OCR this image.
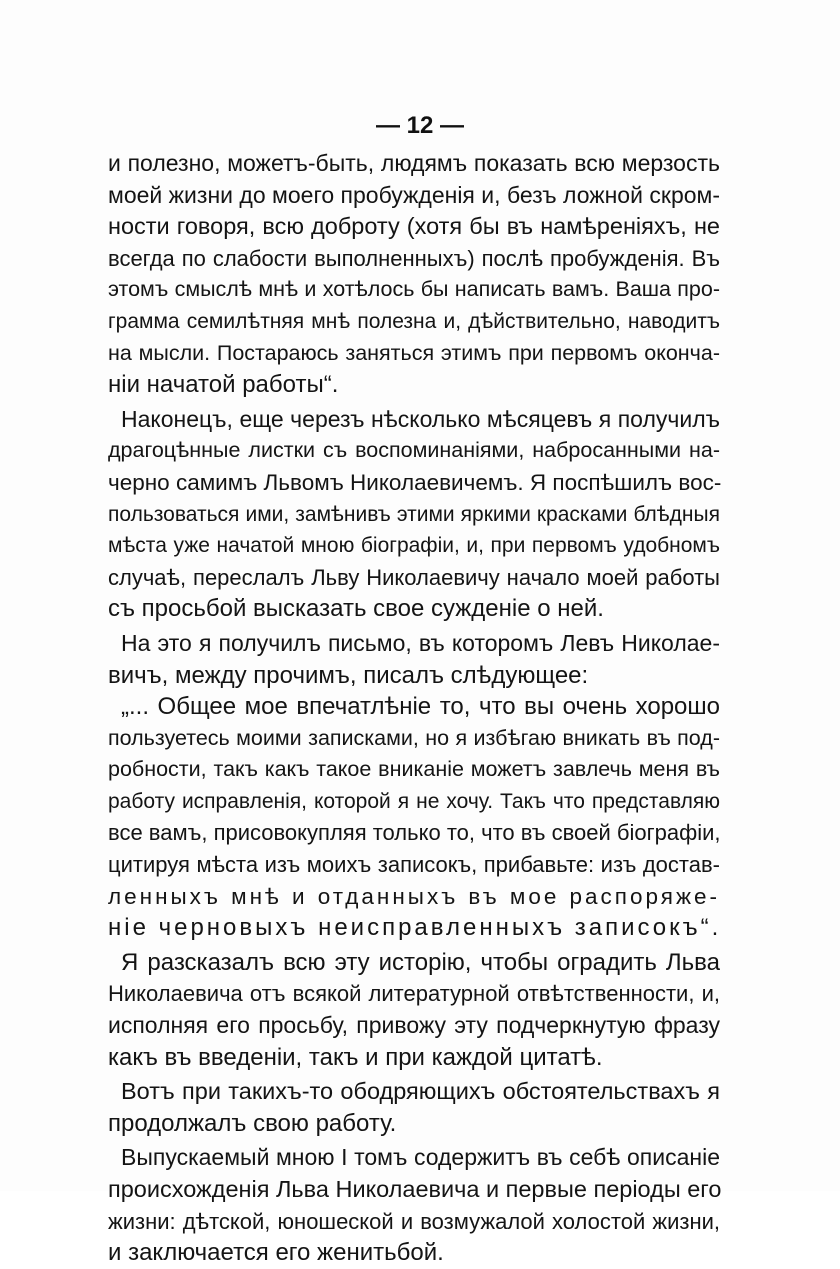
— 12 —
и полезно, можетъ-быть, людямъ показать всю мерзость
моей жизни до моего пробужденія и, безъ ложной скром-
ности говоря, всю доброту (хотя бы въ намѣреніяхъ, не
всегда по слабости выполненныхъ) послѣ пробужденія. Въ
этомъ смыслѣ мнѣ и хотѣлось бы написать вамъ. Ваша про-
грамма семилѣтняя мнѣ полезна и, дѣйствительно, наводитъ
на мысли. Постараюсь заняться этимъ при первомъ оконча-
ніи начатой работы“.
Наконецъ, еще черезъ нѣсколько мѣсяцевъ я получилъ
драгоцѣнные листки съ воспоминаніями, набросанными на-
черно самимъ Львомъ Николаевичемъ. Я поспѣшилъ вос-
пользоваться ими, замѣнивъ этими яркими красками блѣдныя
мѣста уже начатой мною біографіи, и, при первомъ удобномъ
случаѣ, переслалъ Льву Николаевичу начало моей работы
съ просьбой высказать свое сужденіе о ней.
На это я получилъ письмо, въ которомъ Левъ Николае-
вичъ, между прочимъ, писалъ слѣдующее:
„... Общее мое впечатлѣніе то, что вы очень хорошо
пользуетесь моими записками, но я избѣгаю вникать въ под-
робности, такъ какъ такое вниканіе можетъ завлечь меня въ
работу исправленія, которой я не хочу. Такъ что представляю
все вамъ, присовокупляя только то, что въ своей біографіи,
цитируя мѣста изъ моихъ записокъ, прибавьте: изъ достав-
ленныхъ мнѣ и отданныхъ въ мое распоряже-
ніе черновыхъ неисправленныхъ записокъ“.
Я разсказалъ всю эту исторію, чтобы оградить Льва
Николаевича отъ всякой литературной отвѣтственности, и,
исполняя его просьбу, привожу эту подчеркнутую фразу
какъ въ введеніи, такъ и при каждой цитатѣ.
Вотъ при такихъ-то ободряющихъ обстоятельствахъ я
продолжалъ свою работу.
Выпускаемый мною I томъ содержитъ въ себѣ описаніе
происхожденія Льва Николаевича и первые періоды его
жизни: дѣтской, юношеской и возмужалой холостой жизни,
и заключается его женитьбой.
